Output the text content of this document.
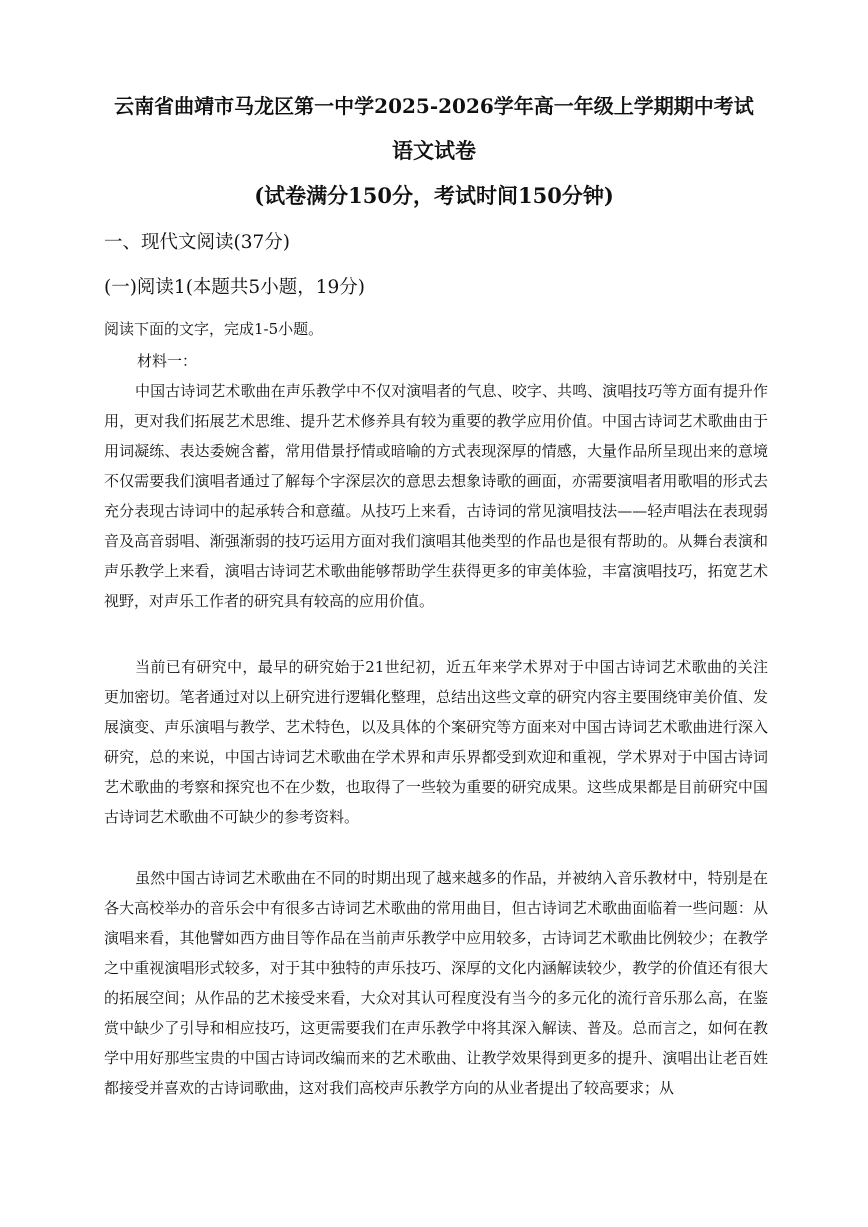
云南省曲靖市马龙区第一中学2025-2026学年高一年级上学期期中考试
语文试卷
(试卷满分150分，考试时间150分钟)
一、现代文阅读(37分)
(一)阅读1(本题共5小题，19分)
阅读下面的文字，完成1-5小题。
材料一：

中国古诗词艺术歌曲在声乐教学中不仅对演唱者的气息、咬字、共鸣、演唱技巧等方面有提升作用，更对我们拓展艺术思维、提升艺术修养具有较为重要的教学应用价值。中国古诗词艺术歌曲由于用词凝练、表达委婉含蓄，常用借景抒情或暗喻的方式表现深厚的情感，大量作品所呈现出来的意境不仅需要我们演唱者通过了解每个字深层次的意思去想象诗歌的画面，亦需要演唱者用歌唱的形式去充分表现古诗词中的起承转合和意蕴。从技巧上来看，古诗词的常见演唱技法——轻声唱法在表现弱音及高音弱唱、渐强渐弱的技巧运用方面对我们演唱其他类型的作品也是很有帮助的。从舞台表演和声乐教学上来看，演唱古诗词艺术歌曲能够帮助学生获得更多的审美体验，丰富演唱技巧，拓宽艺术视野，对声乐工作者的研究具有较高的应用价值。

当前已有研究中，最早的研究始于21世纪初，近五年来学术界对于中国古诗词艺术歌曲的关注更加密切。笔者通过对以上研究进行逻辑化整理，总结出这些文章的研究内容主要围绕审美价值、发展演变、声乐演唱与教学、艺术特色，以及具体的个案研究等方面来对中国古诗词艺术歌曲进行深入研究，总的来说，中国古诗词艺术歌曲在学术界和声乐界都受到欢迎和重视，学术界对于中国古诗词艺术歌曲的考察和探究也不在少数，也取得了一些较为重要的研究成果。这些成果都是目前研究中国古诗词艺术歌曲不可缺少的参考资料。

虽然中国古诗词艺术歌曲在不同的时期出现了越来越多的作品，并被纳入音乐教材中，特别是在各大高校举办的音乐会中有很多古诗词艺术歌曲的常用曲目，但古诗词艺术歌曲面临着一些问题：从演唱来看，其他譬如西方曲目等作品在当前声乐教学中应用较多，古诗词艺术歌曲比例较少；在教学之中重视演唱形式较多，对于其中独特的声乐技巧、深厚的文化内涵解读较少，教学的价值还有很大的拓展空间；从作品的艺术接受来看，大众对其认可程度没有当今的多元化的流行音乐那么高，在鉴赏中缺少了引导和相应技巧，这更需要我们在声乐教学中将其深入解读、普及。总而言之，如何在教学中用好那些宝贵的中国古诗词改编而来的艺术歌曲、让教学效果得到更多的提升、演唱出让老百姓都接受并喜欢的古诗词歌曲，这对我们高校声乐教学方向的从业者提出了较高要求；从
